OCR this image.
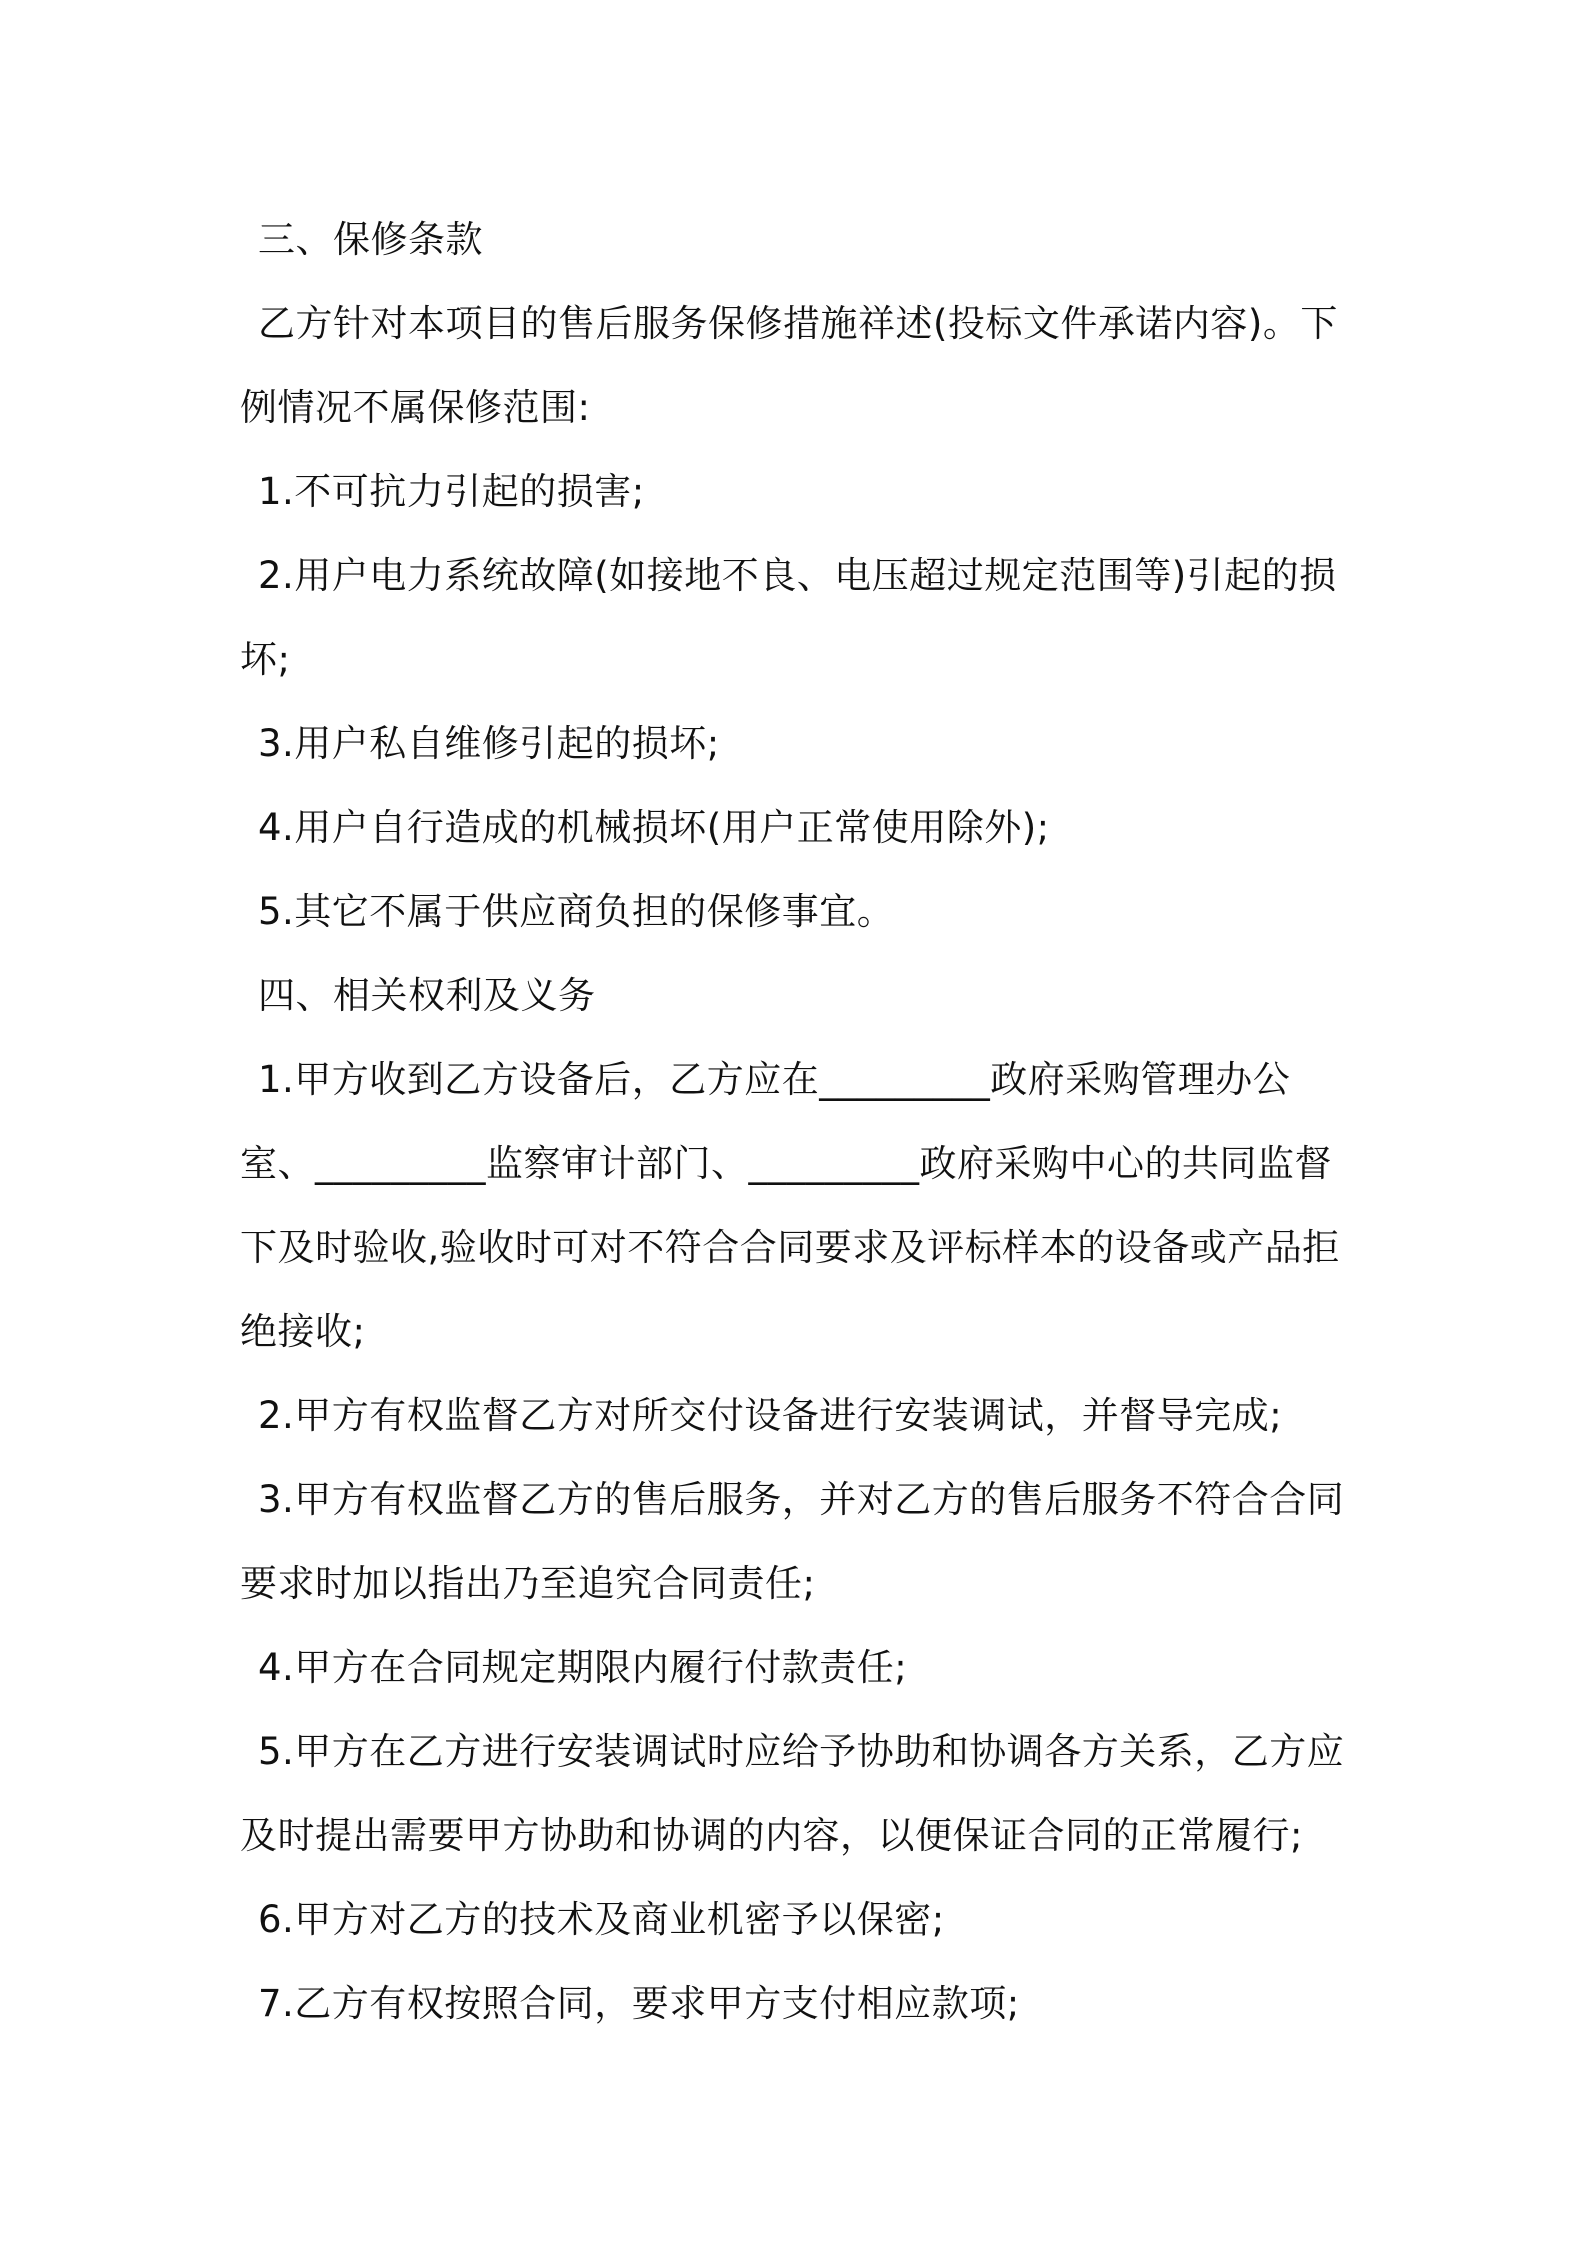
三、保修条款
乙方针对本项目的售后服务保修措施祥述(投标文件承诺内容)。下
例情况不属保修范围:
1.不可抗力引起的损害;
2.用户电力系统故障(如接地不良、电压超过规定范围等)引起的损
坏;
3.用户私自维修引起的损坏;
4.用户自行造成的机械损坏(用户正常使用除外);
5.其它不属于供应商负担的保修事宜。
四、相关权利及义务
1.甲方收到乙方设备后，乙方应在_________政府采购管理办公
室、_________监察审计部门、_________政府采购中心的共同监督
下及时验收,验收时可对不符合合同要求及评标样本的设备或产品拒
绝接收;
2.甲方有权监督乙方对所交付设备进行安装调试，并督导完成;
3.甲方有权监督乙方的售后服务，并对乙方的售后服务不符合合同
要求时加以指出乃至追究合同责任;
4.甲方在合同规定期限内履行付款责任;
5.甲方在乙方进行安装调试时应给予协助和协调各方关系，乙方应
及时提出需要甲方协助和协调的内容，以便保证合同的正常履行;
6.甲方对乙方的技术及商业机密予以保密;
7.乙方有权按照合同，要求甲方支付相应款项;
